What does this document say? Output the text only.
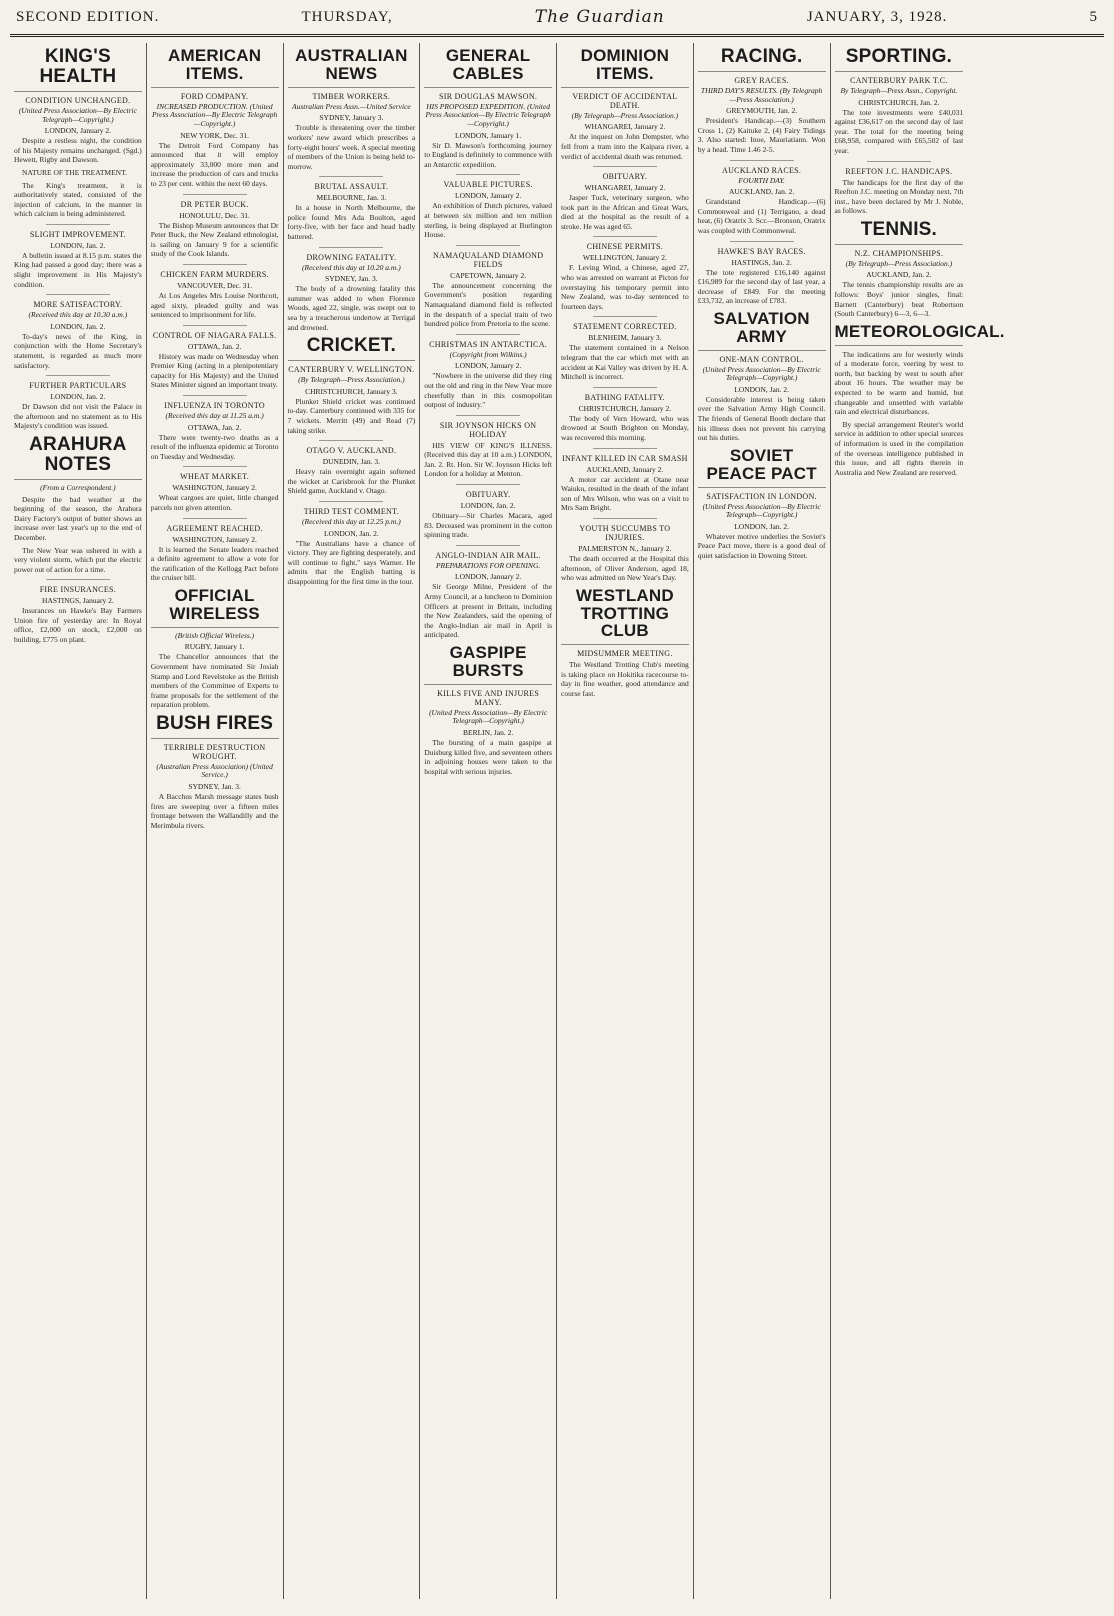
SECOND EDITION.	THURSDAY,	The Guardian	JANUARY, 3, 1928.	5
KING'S HEALTH
CONDITION UNCHANGED.
(United Press Association—By Electric Telegraph—Copyright.)
LONDON, January 2.

Despite a restless night, the condition of his Majesty remains unchanged. (Sgd.) Hewett, Rigby and Dawson.

NATURE OF THE TREATMENT.

The King's treatment, it is authoritatively stated, consisted of the injection of calcium, in the manner in which calcium is being administered.

SLIGHT IMPROVEMENT.
LONDON, Jan. 2.

A bulletin issued at 8.15 p.m. states the King had passed a good day; there was a slight improvement in His Majesty's condition.

MORE SATISFACTORY.
(Received this day at 10.30 a.m.)
LONDON, Jan. 2.

To-day's news of the King, in conjunction with the Home Secretary's statement, is regarded as much more satisfactory.

FURTHER PARTICULARS
LONDON, Jan. 2.

Dr Dawson did not visit the Palace in the afternoon and no statement as to His Majesty's condition was issued.

ARAHURA NOTES
(From a Correspondent.)

Despite the bad weather at the beginning of the season, the Arahura Dairy Factory's output of butter shows an increase over last year's up to the end of December.

The New Year was ushered in with a very violent storm, which put the electric power out of action for a time.

FIRE INSURANCES.
HASTINGS, January 2.

Insurances on Hawke's Bay Farmers Union fire of yesterday are: In Royal office, £2,000 on stock, £2,000 on building, £775 on plant.

AMERICAN ITEMS.
FORD COMPANY.
INCREASED PRODUCTION. (United Press Association—By Electric Telegraph—Copyright.)
NEW YORK, Dec. 31.

The Detroit Ford Company has announced that it will employ approximately 33,000 more men and increase the production of cars and trucks to 23 per cent. within the next 60 days.

DR PETER BUCK.
HONOLULU, Dec. 31.

The Bishop Museum announces that Dr Peter Buck, the New Zealand ethnologist, is sailing on January 9 for a scientific study of the Cook Islands.

CHICKEN FARM MURDERS.
VANCOUVER, Dec. 31.

At Los Angeles Mrs Louise Northcott, aged sixty, pleaded guilty and was sentenced to imprisonment for life.

CONTROL OF NIAGARA FALLS.
OTTAWA, Jan. 2.

History was made on Wednesday when Premier King (acting in a plenipotentiary capacity for His Majesty) and the United States Minister signed an important treaty.

INFLUENZA IN TORONTO
(Received this day at 11.25 a.m.)
OTTAWA, Jan. 2.

There were twenty-two deaths as a result of the influenza epidemic at Toronto on Tuesday and Wednesday.

WHEAT MARKET.
WASHINGTON, January 2.

Wheat cargoes are quiet, little changed parcels not given attention.

AGREEMENT REACHED.
WASHINGTON, January 2.

It is learned the Senate leaders reached a definite agreement to allow a vote for the ratification of the Kellogg Pact before the cruiser bill.

OFFICIAL WIRELESS
(British Official Wireless.)
RUGBY, January 1.

The Chancellor announces that the Government have nominated Sir Josiah Stamp and Lord Revelstoke as the British members of the Committee of Experts to frame proposals for the settlement of the reparation problem.

BUSH FIRES
TERRIBLE DESTRUCTION WROUGHT.
(Australian Press Association) (United Service.)
SYDNEY, Jan. 3.

A Bacchus Marsh message states bush fires are sweeping over a fifteen miles frontage between the Wallandilly and the Merimbula rivers.

AUSTRALIAN NEWS
TIMBER WORKERS.
Australian Press Assn.—United Service
SYDNEY, January 3.

Trouble is threatening over the timber workers' new award which prescribes a forty-eight hours' week. A special meeting of members of the Union is being held to-morrow.

BRUTAL ASSAULT.
MELBOURNE, Jan. 3.

In a house in North Melbourne, the police found Mrs Ada Boulton, aged forty-five, with her face and head badly battered.

DROWNING FATALITY.
(Received this day at 10.20 a.m.)
SYDNEY, Jan. 3.

The body of a drowning fatality this summer was added to when Florence Woods, aged 22, single, was swept out to sea by a treacherous undertow at Terrigal and drowned.

CRICKET.
CANTERBURY V. WELLINGTON.
(By Telegraph—Press Association.)
CHRISTCHURCH, January 3.

Plunket Shield cricket was continued to-day. Canterbury continued with 335 for 7 wickets. Merritt (49) and Read (7) taking strike.

OTAGO V. AUCKLAND.
DUNEDIN, Jan. 3.

Heavy rain overnight again softened the wicket at Carisbrook for the Plunket Shield game, Auckland v. Otago.

THIRD TEST COMMENT.
(Received this day at 12.25 p.m.)
LONDON, Jan. 2.

"The Australians have a chance of victory. They are fighting desperately, and will continue to fight," says Warner. He admits that the English batting is disappointing for the first time in the tour.

GENERAL CABLES
SIR DOUGLAS MAWSON.
HIS PROPOSED EXPEDITION. (United Press Association—By Electric Telegraph—Copyright.)
LONDON, January 1.

Sir D. Mawson's forthcoming journey to England is definitely to commence with an Antarctic expedition.

VALUABLE PICTURES.
LONDON, January 2.

An exhibition of Dutch pictures, valued at between six million and ten million sterling, is being displayed at Burlington House.

NAMAQUALAND DIAMOND FIELDS
CAPETOWN, January 2.

The announcement concerning the Government's position regarding Namaqualand diamond field is reflected in the despatch of a special train of two hundred police from Pretoria to the scene.

CHRISTMAS IN ANTARCTICA.
(Copyright from Wilkins.)
LONDON, January 2.

"Nowhere in the universe did they ring out the old and ring in the New Year more cheerfully than in this cosmopolitan outpost of industry."

SIR JOYNSON HICKS ON HOLIDAY

HIS VIEW OF KING'S ILLNESS. (Received this day at 10 a.m.) LONDON, Jan. 2. Rt. Hon. Sir W. Joynson Hicks left London for a holiday at Menton.

OBITUARY.
LONDON, Jan. 2.

Obituary—Sir Charles Macara, aged 83. Deceased was prominent in the cotton spinning trade.

ANGLO-INDIAN AIR MAIL.
PREPARATIONS FOR OPENING.
LONDON, January 2.

Sir George Milne, President of the Army Council, at a luncheon to Dominion Officers at present in Britain, including the New Zealanders, said the opening of the Anglo-Indian air mail in April is anticipated.

GASPIPE BURSTS
KILLS FIVE AND INJURES MANY.
(United Press Association—By Electric Telegraph—Copyright.)
BERLIN, Jan. 2.

The bursting of a main gaspipe at Duisburg killed five, and seventeen others in adjoining houses were taken to the hospital with serious injuries.

DOMINION ITEMS.
VERDICT OF ACCIDENTAL DEATH.
(By Telegraph—Press Association.)
WHANGAREI, January 2.

At the inquest on John Dempster, who fell from a tram into the Kaipara river, a verdict of accidental death was returned.

OBITUARY.
WHANGAREI, January 2.

Jasper Tuck, veterinary surgeon, who took part in the African and Great Wars, died at the hospital as the result of a stroke. He was aged 65.

CHINESE PERMITS.
WELLINGTON, January 2.

F. Leving Wind, a Chinese, aged 27, who was arrested on warrant at Picton for overstaying his temporary permit into New Zealand, was to-day sentenced to fourteen days.

STATEMENT CORRECTED.
BLENHEIM, January 3.

The statement contained in a Nelson telegram that the car which met with an accident at Kai Valley was driven by H. A. Mitchell is incorrect.

BATHING FATALITY.
CHRISTCHURCH, January 2.

The body of Vern Howard, who was drowned at South Brighton on Monday, was recovered this morning.

INFANT KILLED IN CAR SMASH
AUCKLAND, January 2.

A motor car accident at Otane near Waiuku, resulted in the death of the infant son of Mrs Wilson, who was on a visit to Mrs Sam Bright.

YOUTH SUCCUMBS TO INJURIES.
PALMERSTON N., January 2.

The death occurred at the Hospital this afternoon, of Oliver Anderson, aged 18, who was admitted on New Year's Day.

WESTLAND TROTTING CLUB
MIDSUMMER MEETING.

The Westland Trotting Club's meeting is taking place on Hokitika racecourse to-day in fine weather, good attendance and course fast.

RACING.
GREY RACES.
THIRD DAY'S RESULTS. (By Telegraph—Press Association.)
GREYMOUTH, Jan. 2.

President's Handicap.—(3) Southern Cross 1, (2) Kaituke 2, (4) Fairy Tidings 3. Also started: Inoe, Mauriatiann. Won by a head. Time 1.46 2-5.

AUCKLAND RACES.
FOURTH DAY.
AUCKLAND, Jan. 2.

Grandstand Handicap.—(6) Commonweal and (1) Terrigano, a dead heat, (6) Oratrix 3. Scr.—Bronson, Oratrix was coupled with Commonweal.

HAWKE'S BAY RACES.
HASTINGS, Jan. 2.

The tote registered £16,140 against £16,989 for the second day of last year, a decrease of £849. For the meeting £33,732, an increase of £783.

SALVATION ARMY
ONE-MAN CONTROL.
(United Press Association—By Electric Telegraph—Copyright.)
LONDON, Jan. 2.

Considerable interest is being taken over the Salvation Army High Council. The friends of General Booth declare that his illness does not prevent his carrying out his duties.

SOVIET PEACE PACT
SATISFACTION IN LONDON.
(United Press Association—By Electric Telegraph—Copyright.)
LONDON, Jan. 2.

Whatever motive underlies the Soviet's Peace Pact move, there is a good deal of quiet satisfaction in Downing Street.

SPORTING.
CANTERBURY PARK T.C.
By Telegraph—Press Assn., Copyright.
CHRISTCHURCH, Jan. 2.

The tote investments were £40,031 against £36,617 on the second day of last year. The total for the meeting being £68,958, compared with £65,502 of last year.

REEFTON J.C. HANDICAPS.

The handicaps for the first day of the Reefton J.C. meeting on Monday next, 7th inst., have been declared by Mr J. Noble, as follows.

TENNIS.
N.Z. CHAMPIONSHIPS.
(By Telegraph—Press Association.)
AUCKLAND, Jan. 2.

The tennis championship results are as follows: Boys' junior singles, final: Barnett (Canterbury) beat Robertson (South Canterbury) 6—3, 6—3.

METEOROLOGICAL.

The indications are for westerly winds of a moderate force, veering by west to north, but backing by west to south after about 16 hours. The weather may be expected to be warm and humid, but changeable and unsettled with variable rain and electrical disturbances.

By special arrangement Reuter's world service in addition to other special sources of information is used in the compilation of the overseas intelligence published in this issue, and all rights therein in Australia and New Zealand are reserved.
